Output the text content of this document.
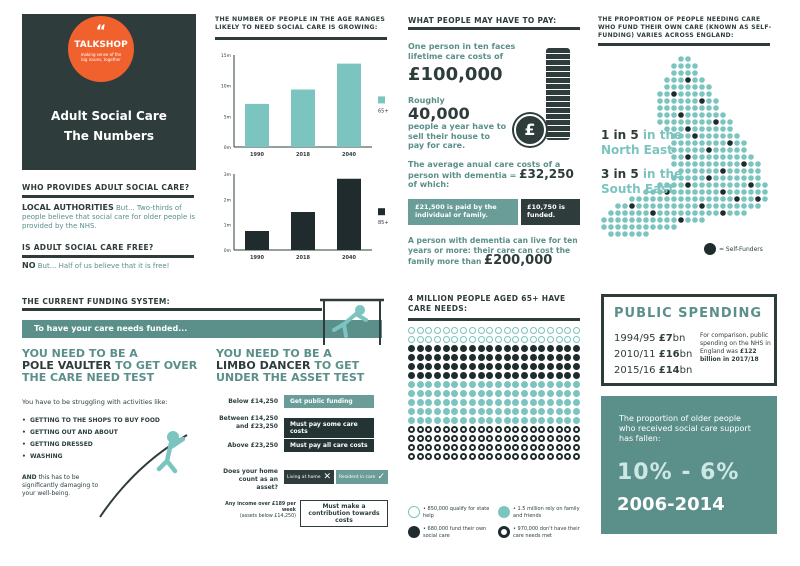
“
TALKSHOP
making sense of the big issues, together
Adult Social Care
The Numbers
WHO PROVIDES ADULT SOCIAL CARE?
LOCAL AUTHORITIES But... Two-thirds of people believe that social care for older people is provided by the NHS.
IS ADULT SOCIAL CARE FREE?
NO But... Half of us believe that it is free!
THE NUMBER OF PEOPLE IN THE AGE RANGES LIKELY TO NEED SOCIAL CARE IS GROWING:
15m
10m
5m
0m
1990	2018	2040
65+
3m
2m
1m
0m
1990	2018	2040
85+
WHAT PEOPLE MAY HAVE TO PAY:
One person in ten faces lifetime care costs of
£100,000
Roughly
40,000
people a year have to sell their house to pay for care.
£
The average anual care costs of a person with dementia = £32,250
of which:
£21,500 is paid by the individual or family.
£10,750 is funded.
A person with dementia can live for ten years or more: their care can cost the family more than £200,000
THE PROPORTION OF PEOPLE NEEDING CARE WHO FUND THEIR OWN CARE (KNOWN AS SELF-FUNDING) VARIES ACROSS ENGLAND:
1 in 5 in the
North East
3 in 5 in the
South East
= Self-Funders
THE CURRENT FUNDING SYSTEM:
To have your care needs funded...
YOU NEED TO BE A
POLE VAULTER TO GET OVER THE CARE NEED TEST
You have to be struggling with activities like:
•  GETTING TO THE SHOPS TO BUY FOOD
•  GETTING OUT AND ABOUT
•  GETTING DRESSED
•  WASHING
AND this has to be significantly damaging to your well-being.
YOU NEED TO BE A
LIMBO DANCER TO GET UNDER THE ASSET TEST
Below £14,250	Get public funding
Between £14,250 and £23,250	Must pay some care costs
Above £23,250	Must pay all care costs
Does your home count as an asset?
Living at home ✕ Resident in care ✓
Any income over £189 per week
(assets below £14,250)
Must make a contribution towards costs
4 MILLION PEOPLE AGED 65+ HAVE CARE NEEDS:
• 850,000 qualify for state help
• 1.5 million rely on family and friends
• 680,000 fund their own social care
• 970,000 don't have their care needs met
PUBLIC SPENDING
1994/95 £7bn
2010/11 £16bn
2015/16 £14bn
For comparison, public spending on the NHS in England was £122 billion in 2017/18
The proportion of older people who received social care support has fallen:
10% - 6%
2006-2014
